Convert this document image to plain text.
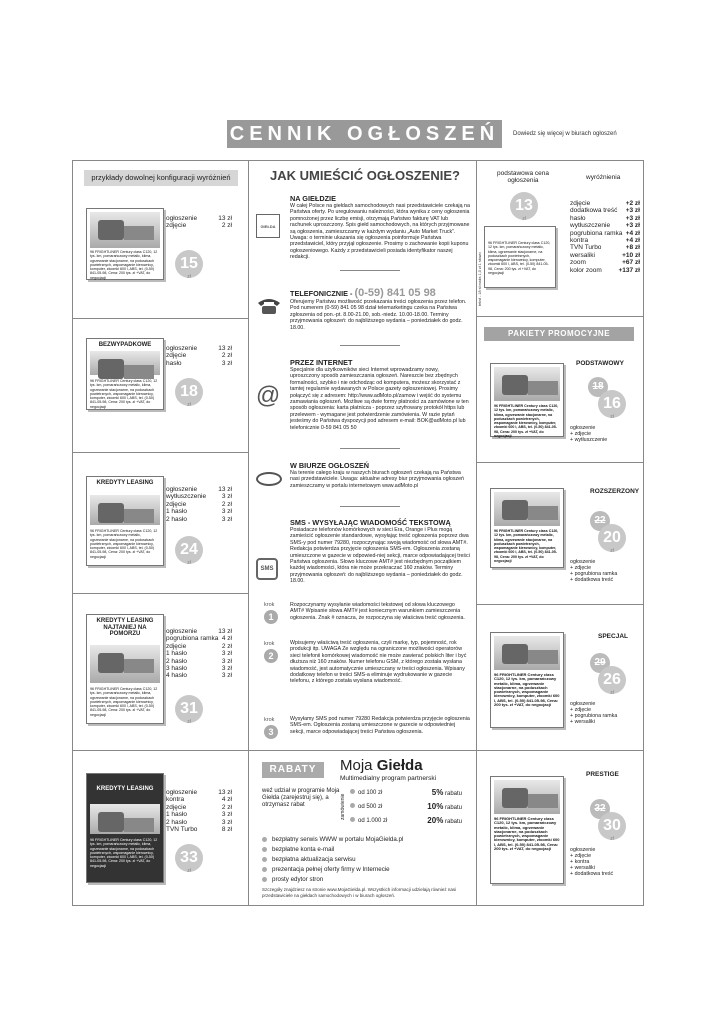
CENNIK OGŁOSZEŃ	Dowiedz się więcej w biurach ogłoszeń
przykłady dowolnej konfiguracji wyróżnień
96 FRIGHTLINER Century class C120, 12 tys. km, pomarańczowy metalic, klima, ogrzewanie stacjonarne, na poduszkach powietrznych, wspomaganie kierownicy, komputer, złoomki 600 l, ABS, tel. (0-50) 841-05-98, Cena: 200 tys. zł +VAT, do negocjacji
ogłoszenie	13 zł
zdjęcie	2 zł
15
zł
BEZWYPADKOWE
96 FRIGHTLINER Century class C120, 12 tys. km, pomarańczowy metalic, klima, ogrzewanie stacjonarne, na poduszkach powietrznych, wspomaganie kierownicy, komputer, złoomki 600 l, ABS, tel. (0-50) 841-05-98, Cena: 200 tys. zł +VAT, do negocjacji
ogłoszenie	13 zł
zdjęcie	2 zł
hasło	3 zł
18
zł
KREDYTY LEASING
96 FRIGHTLINER Century class C120, 12 tys. km, pomarańczowy metalic, ogrzewanie stacjonarne, na poduszkach powietrznych, wspomaganie kierownicy, komputer, złoomki 600 l, ABS, tel. (0-50) 841-05-98, Cena: 200 tys. zł +VAT, do negocjacji
ogłoszenie	13 zł
wytłuszczenie 3 zł
zdjęcie	2 zł
1 hasło	3 zł
2 hasło	3 zł
24
zł
KREDYTY LEASING NAJTANIEJ NA POMORZU
96 FRIGHTLINER Century class C120, 12 tys. km, pomarańczowy metalic, klima, ogrzewanie stacjonarne, na poduszkach powietrznych, wspomaganie kierownicy, komputer, złoomki 600 l, ABS, tel. (0-50) 841-05-98, Cena: 200 tys. zł +VAT, do negocjacji
ogłoszenie	13 zł
pogrubiona ramka 4 zł
zdjęcie	2 zł
1 hasło	3 zł
2 hasło	3 zł
3 hasło	3 zł
4 hasło	3 zł
31
zł
KREDYTY LEASING
96 FRIGHTLINER Century class C120, 12 tys. km, pomarańczowy metalic, klima, ogrzewanie stacjonarne, na poduszkach powietrznych, wspomaganie kierownicy, komputer, złoomki 600 l, ABS, tel. (0-50) 841-05-98, Cena: 200 tys. zł +VAT, do negocjacji
ogłoszenie	13 zł
kontra	4 zł
zdjęcie	2 zł
1 hasło	3 zł
2 hasło	3 zł
TVN Turbo	8 zł
33
zł
JAK UMIEŚCIĆ OGŁOSZENIE?
GIEŁDA
NA GIEŁDZIE
W całej Polsce na giełdach samochodowych nasi przedstawiciele czekają na Państwa oferty. Po uregulowaniu należności, która wynika z ceny ogłoszenia pomnożonej przez liczbę emisji, otrzymają Państwo fakturę VAT lub rachunek uproszczony. Spis giełd samochodowych, na których przyjmowane są ogłoszenia, zamieszczamy w każdym wydaniu „Auto Market Truck”. Uwaga: o terminie ukazania się ogłoszenia poinformuje Państwa przedstawiciel, który przyjął ogłoszenie. Prosimy o zachowanie kopii kuponu ogłoszeniowego. Każdy z przedstawicieli posiada identyfikator naszej redakcji.
TELEFONICZNIE - (0-59) 841 05 98
Oferujemy Państwu możliwość przekazania treści ogłoszenia przez telefon. Pod numerem (0-59) 841 05 98 dział telemarketingu czeka na Państwa zgłoszenia od pon.-pt. 8.00-21.00, sob.-niedz. 10.00-18.00. Terminy przyjmowania ogłoszeń: do najbliższego wydania – poniedziałek do godz. 18.00.
@
PRZEZ INTERNET
Specjalnie dla użytkowników sieci Internet wprowadzamy nowy, uproszczony sposób zamieszczania ogłoszeń. Nareszcie bez zbędnych formalności, szybko i nie odchodząc od komputera, możesz skorzystać z tamtej regularnie wydawanych w Polsce gazety ogłoszeniowej. Prosimy połączyć się z adresem: http://www.adMoto.pl/zamow i wejść do systemu zamawiania ogłoszeń. Możliwe są dwie formy płatności za zamówione w ten sposób ogłoszenia: karta płatnicza - poprzez szyfrowany protokół https lub przelewem - wymagane jest potwierdzenie zamówienia. W razie pytań jesteśmy do Państwa dyspozycji pod adresem e-mail: BOK@adMoto.pl lub telefonicznie 0-59 841 05 50
W BIURZE OGŁOSZEŃ
Na terenie całego kraju w naszych biurach ogłoszeń czekają na Państwa nasi przedstawiciele. Uwaga: aktualne adresy biur przyjmowania ogłoszeń zamieszczamy w portalu internetowym www.adMoto.pl
SMS
SMS - WYSYŁAJĄC WIADOMOŚĆ TEKSTOWĄ
Posiadacze telefonów komórkowych w sieci Era, Orange i Plus mogą zamieścić ogłoszenie standardowe, wysyłając treść ogłoszenia poprzez dwa SMS-y pod numer 79280, rozpoczynając swoją wiadomość od słowa AMT#. Redakcja potwierdza przyjęcie ogłoszenia SMS-em. Ogłoszenia zostaną umieszczone w gazecie w odpowied-niej sekcji, marce odpowiadającej treści Państwa ogłoszenia. Słowo kluczowe AMT# jest niezbędnym początkiem każdej wiadomości, która nie może przekraczać 160 znaków. Terminy przyjmowania ogłoszeń: do najbliższego wydania – poniedziałek do godz. 18.00.
krok
1
Rozpoczynamy wysyłanie wiadomości tekstowej od słowa kluczowego AMT# Wpisanie słowa AMT# jest koniecznym warunkiem zamieszczenia ogłoszenia. Znak # oznacza, że rozpoczyna się właściwa treść ogłoszenia.
krok
2
Wpisujemy właściwą treść ogłoszenia, czyli markę, typ, pojemność, rok produkcji itp. UWAGA Ze względu na ograniczone możliwości operatorów sieci telefonii komórkowej wiadomość nie może zawierać polskich liter i być dłuższa niż 160 znaków. Numer telefonu GSM, z którego została wysłana wiadomość, jest automatycznie umieszczany w treści ogłoszenia. Wpisany dodatkowy telefon w treści SMS-a eliminuje wydrukowanie w gazecie telefonu, z którego została wysłana wiadomość.
krok
3
Wysyłamy SMS pod numer 79280 Redakcja potwierdza przyjęcie ogłoszenia SMS-em. Ogłoszenia zostaną umieszczone w gazecie w odpowiedniej sekcji, marce odpowiadającej treści Państwa ogłoszenia.
RABATY	Moja Giełda
Multimedialny program partnerski
weź udział w programie Moja Giełda (zarejestruj się), a otrzymasz rabat	zamówienie
od 100 zł	5% rabatu
od 500 zł	10% rabatu
od 1.000 zł	20% rabatu
bezpłatny serwis WWW w portalu MojaGielda.pl
bezpłatne konta e-mail
bezpłatna aktualizacja serwisu
prezentacja pełnej oferty firmy w Internecie
prosty edytor stron
Szczegóły znajdziesz na stronie www.MojaGielda.pl. Wszystkich informacji udzielają również nasi przedstawiciele na giełdach samochodowych i w biurach ogłoszeń.
podstawowa cena ogłoszenia	wyróżnienia
13
zł
96 FRIGHTLINER Century class C120, 12 tys. km, pomarańczowy metalic, klima, ogrzewanie stacjonarne, na poduszkach powietrznych, wspomaganie kierownicy, komputer, złoomki 600 l, ABS, tel. (0-50) 841-05-98, Cena: 200 tys. zł +VAT, do negocjacji
tekst - 18 sł maks 1,0 zł 1 słowo
zdjęcie	+2 zł
dodatkowa treść +3 zł
hasło	+3 zł
wytłuszczenie +3 zł
pogrubiona ramka +4 zł
kontra	+4 zł
TVN Turbo	+8 zł
wersaliki	+10 zł
zoom	+67 zł
kolor zoom	+137 zł
PAKIETY PROMOCYJNE
PODSTAWOWY
96 FRIGHTLINER Century class C120, 12 tys. km, pomarańczowy metalic, klima, ogrzewanie stacjonarne, na poduszkach powietrznych, wspomaganie kierownicy, komputer, złoomki 600 l, ABS, tel. (0-50) 841-05-98, Cena: 200 tys. zł +VAT, do negocjacji
18
16
zł
ogłoszenie
+ zdjęcie
+ wytłuszczenie
ROZSZERZONY
96 FRIGHTLINER Century class C120, 12 tys. km, pomarańczowy metalic, klima, ogrzewanie stacjonarne, na poduszkach powietrznych, wspomaganie kierownicy, komputer, złoomki 600 l, ABS, tel. (0-50) 841-05-98, Cena: 200 tys. zł +VAT, do negocjacji
22
20
zł
ogłoszenie
+ zdjęcie
+ pogrubiona ramka
+ dodatkowa treść
SPECJAL
96 FRIGHTLINER Century class C120, 12 tys. km, pomarańczowy metalic, klima, ogrzewanie stacjonarne, na poduszkach powietrznych, wspomaganie kierownicy, komputer, złoomki 600 l, ABS, tel. (0-50) 841-05-98, Cena: 200 tys. zł +VAT, do negocjacji
29
26
zł
ogłoszenie
+ zdjęcie
+ pogrubiona ramka
+ wersaliki
PRESTIGE
96 FRIGHTLINER Century class C120, 12 tys. km, pomarańczowy metalic, klima, ogrzewanie stacjonarne, na poduszkach powietrznych, wspomaganie kierownicy, komputer, złoomki 600 l, ABS, tel. (0-50) 841-05-98, Cena: 200 tys. zł +VAT, do negocjacji
32
30
zł
ogłoszenie
+ zdjęcie
+ kontra
+ wersaliki
+ dodatkowa treść
